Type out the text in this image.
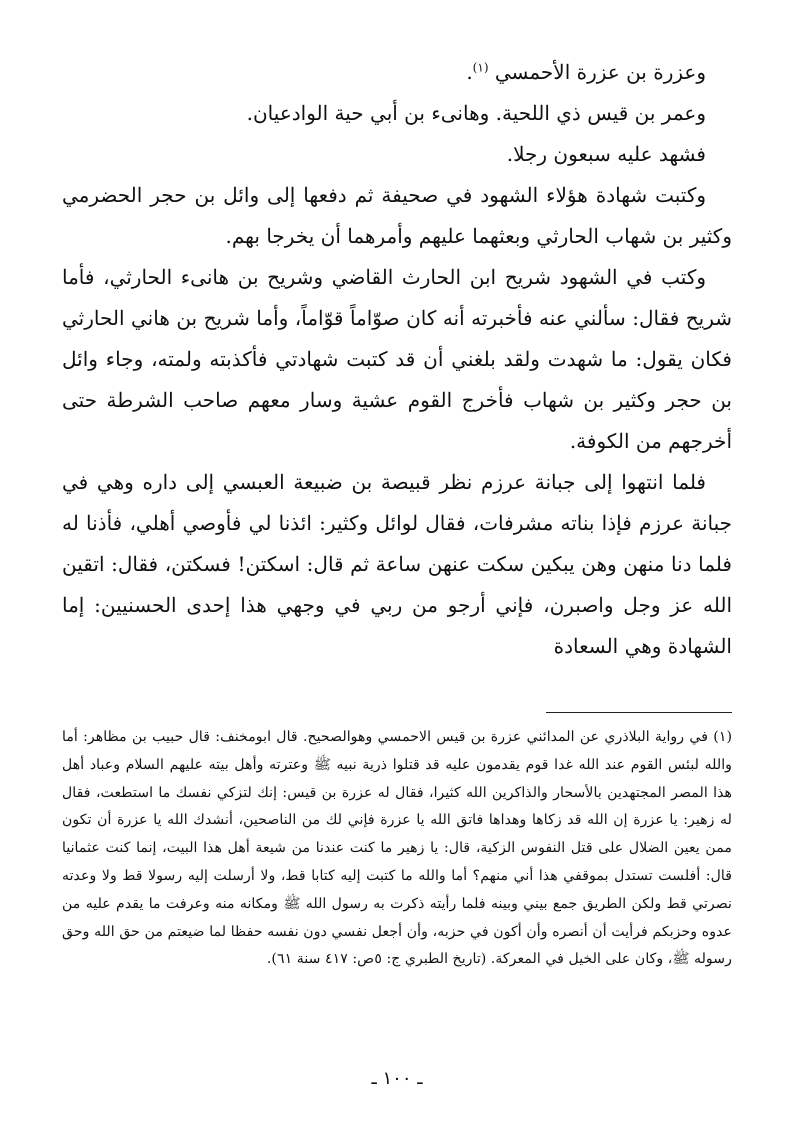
وعزرة بن عزرة الأحمسي $^{(١)}$.

وعمر بن قيس ذي اللحية. وهانىء بن أبي حية الوادعيان.

فشهد عليه سبعون رجلا.

وكتبت شهادة هؤلاء الشهود في صحيفة ثم دفعها إلى وائل بن حجر الحضرمي وكثير بن شهاب الحارثي وبعثهما عليهم وأمرهما أن يخرجا بهم.

وكتب في الشهود شريح ابن الحارث القاضي وشريح بن هانىء الحارثي، فأما شريح فقال: سألني عنه فأخبرته أنه كان صوّاماً قوّاماً، وأما شريح بن هاني الحارثي فكان يقول: ما شهدت ولقد بلغني أن قد كتبت شهادتي فأكذبته ولمته، وجاء وائل بن حجر وكثير بن شهاب فأخرج القوم عشية وسار معهم صاحب الشرطة حتى أخرجهم من الكوفة.

فلما انتهوا إلى جبانة عرزم نظر قبيصة بن ضبيعة العبسي إلى داره وهي في جبانة عرزم فإذا بناته مشرفات، فقال لوائل وكثير: ائذنا لي فأوصي أهلي، فأذنا له فلما دنا منهن وهن يبكين سكت عنهن ساعة ثم قال: اسكتن! فسكتن، فقال: اتقين الله عز وجل واصبرن، فإني أرجو من ربي في وجهي هذا إحدى الحسنيين: إما الشهادة وهي السعادة

(١) في رواية البلاذري عن المدائني عزرة بن قيس الاحمسي وهوالصحيح. قال ابومخنف: قال حبيب بن مظاهر: أما والله لبئس القوم عند الله غدا قوم يقدمون عليه قد قتلوا ذرية نبيه ﷺ وعترته وأهل بيته عليهم السلام وعباد أهل هذا المصر المجتهدين بالأسحار والذاكرين الله كثيرا، فقال له عزرة بن قيس: إنك لتزكي نفسك ما استطعت، فقال له زهير: يا عزرة إن الله قد زكاها وهداها فاتق الله يا عزرة فإني لك من الناصحين، أنشدك الله يا عزرة أن تكون ممن يعين الضلال على قتل النفوس الزكية، قال: يا زهير ما كنت عندنا من شيعة أهل هذا البيت، إنما كنت عثمانيا قال: أفلست تستدل بموقفي هذا أني منهم؟ أما والله ما كتبت إليه كتابا قط، ولا أرسلت إليه رسولا قط ولا وعدته نصرتي قط ولكن الطريق جمع بيني وبينه فلما رأيته ذكرت به رسول الله ﷺ ومكانه منه وعرفت ما يقدم عليه من عدوه وحزبكم فرأيت أن أنصره وأن أكون في حزبه، وأن أجعل نفسي دون نفسه حفظا لما ضيعتم من حق الله وحق رسوله ﷺ، وكان على الخيل في المعركة. (تاريخ الطبري ج: ٥ص: ٤١٧ سنة ٦١).

ـ ١٠٠ ـ
